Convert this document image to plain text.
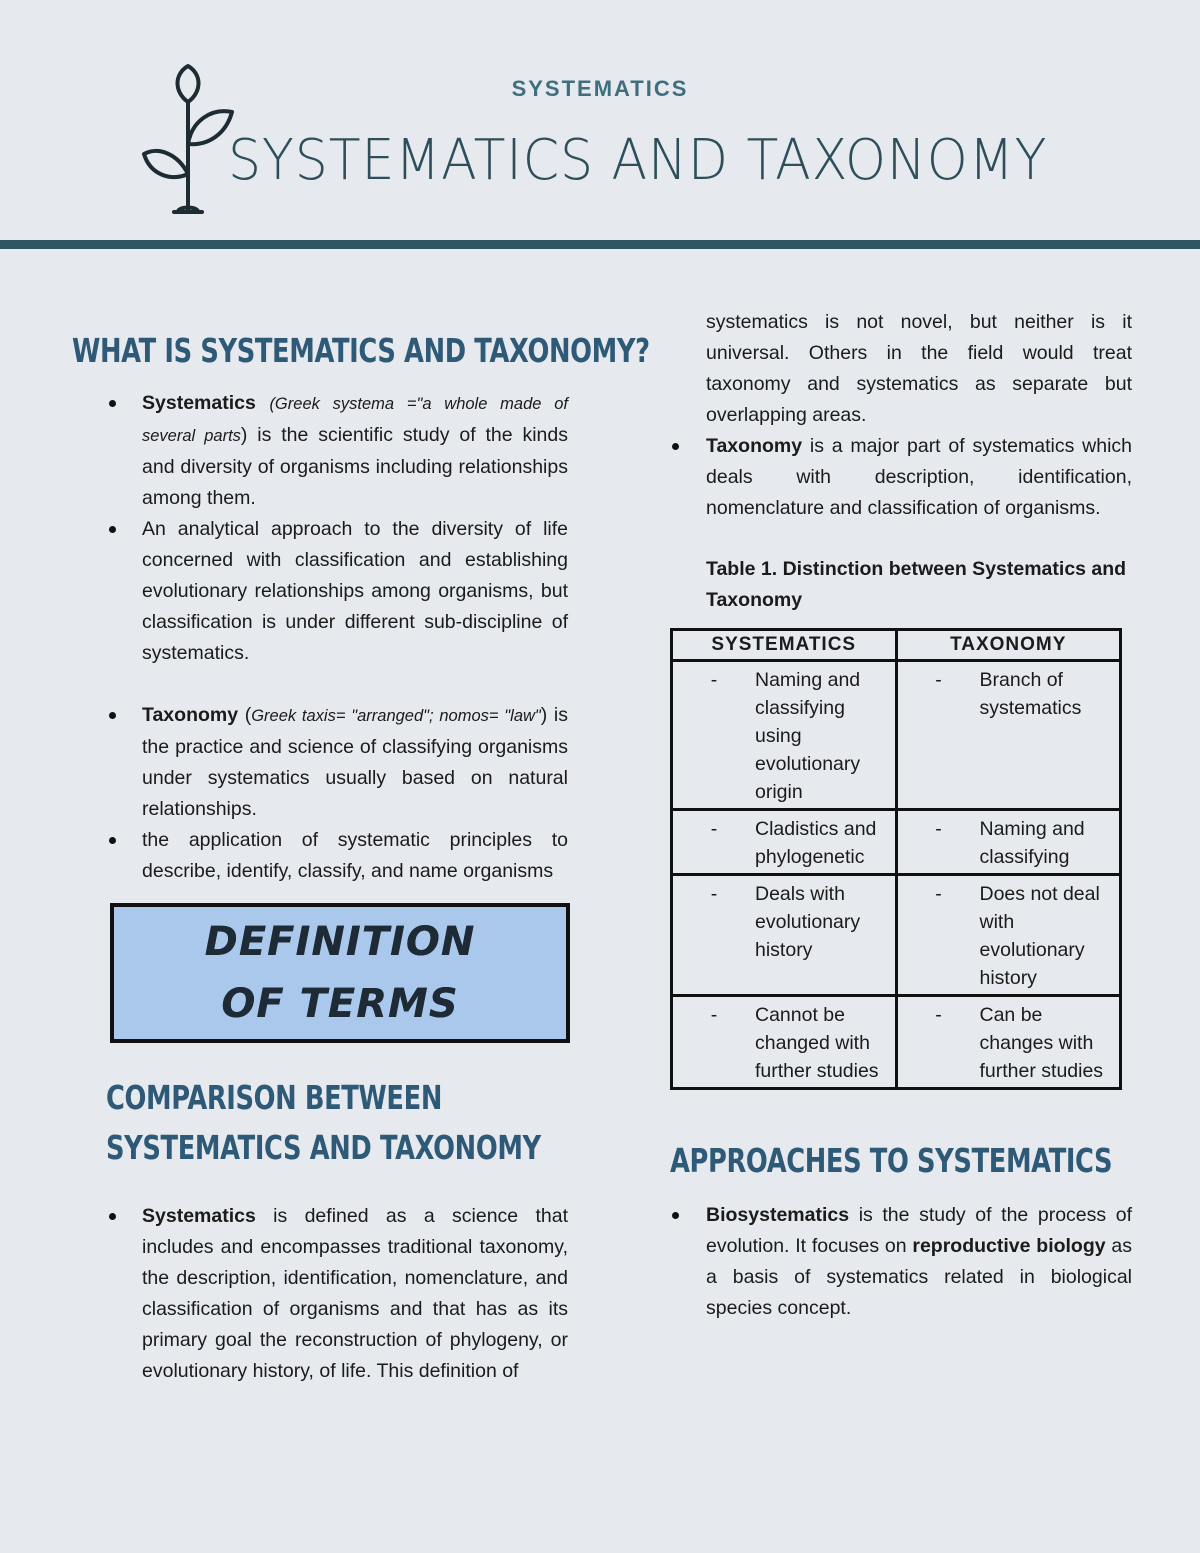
SYSTEMATICS
SYSTEMATICS AND TAXONOMY
WHAT IS SYSTEMATICS AND TAXONOMY?
Systematics (Greek systema ="a whole made of several parts) is the scientific study of the kinds and diversity of organisms including relationships among them.
An analytical approach to the diversity of life concerned with classification and establishing evolutionary relationships among organisms, but classification is under different sub-discipline of systematics.
Taxonomy (Greek taxis= "arranged"; nomos= "law") is the practice and science of classifying organisms under systematics usually based on natural relationships.
the application of systematic principles to describe, identify, classify, and name organisms
DEFINITION OF TERMS
COMPARISON BETWEEN
SYSTEMATICS AND TAXONOMY
Systematics is defined as a science that includes and encompasses traditional taxonomy, the description, identification, nomenclature, and classification of organisms and that has as its primary goal the reconstruction of phylogeny, or evolutionary history, of life. This definition of
systematics is not novel, but neither is it universal. Others in the field would treat taxonomy and systematics as separate but overlapping areas.
Taxonomy is a major part of systematics which deals with description, identification, nomenclature and classification of organisms.
Table 1. Distinction between Systematics and Taxonomy
SYSTEMATICS	TAXONOMY

- Naming and classifying using evolutionary origin	- Branch of systematics

- Cladistics and phylogenetic	- Naming and classifying

- Deals with evolutionary history	- Does not deal with evolutionary history

- Cannot be changed with further studies	- Can be changes with further studies
APPROACHES TO SYSTEMATICS
Biosystematics is the study of the process of evolution. It focuses on reproductive biology as a basis of systematics related in biological species concept.
